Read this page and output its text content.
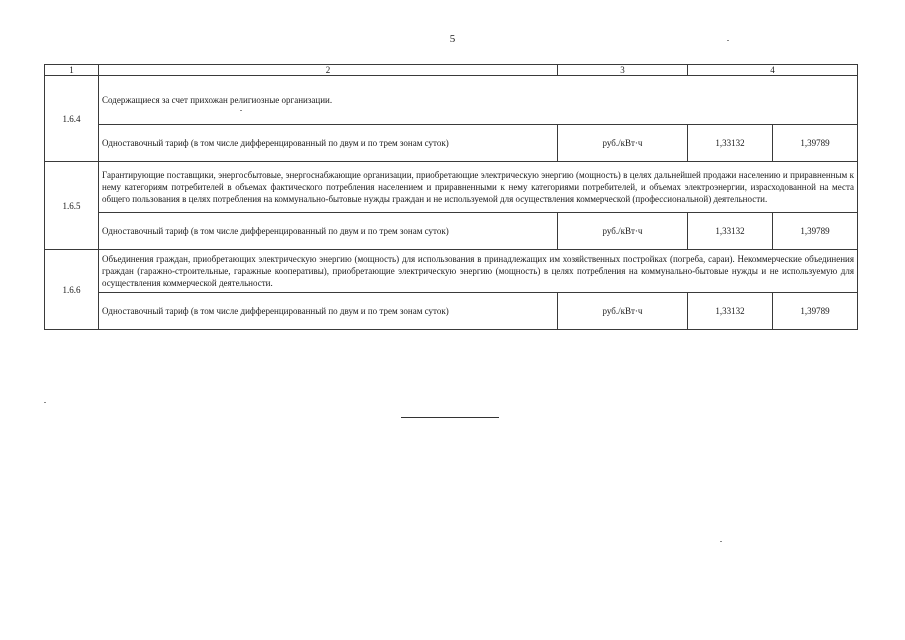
5
1	2	3	4	
1.6.4	Содержащиеся за счет прихожан религиозные организации.			
	Одноставочный тариф (в том числе дифференцированный по двум и по трем зонам суток)	руб./кВт·ч	1,33132	1,39789
1.6.5	Гарантирующие поставщики, энергосбытовые, энергоснабжающие организации, приобретающие электрическую энергию (мощность) в целях дальнейшей продажи населению и приравненным к нему категориям потребителей в объемах фактического потребления населением и приравненными к нему категориями потребителей, и объемах электроэнергии, израсходованной на места общего пользования в целях потребления на коммунально-бытовые нужды граждан и не используемой для осуществления коммерческой (профессиональной) деятельности.			
	Одноставочный тариф (в том числе дифференцированный по двум и по трем зонам суток)	руб./кВт·ч	1,33132	1,39789
1.6.6	Объединения граждан, приобретающих электрическую энергию (мощность) для использования в принадлежащих им хозяйственных постройках (погреба, сараи). Некоммерческие объединения граждан (гаражно-строительные, гаражные кооперативы), приобретающие электрическую энергию (мощность) в целях потребления на коммунально-бытовые нужды и не используемую для осуществления коммерческой деятельности.			
	Одноставочный тариф (в том числе дифференцированный по двум и по трем зонам суток)	руб./кВт·ч	1,33132	1,39789
